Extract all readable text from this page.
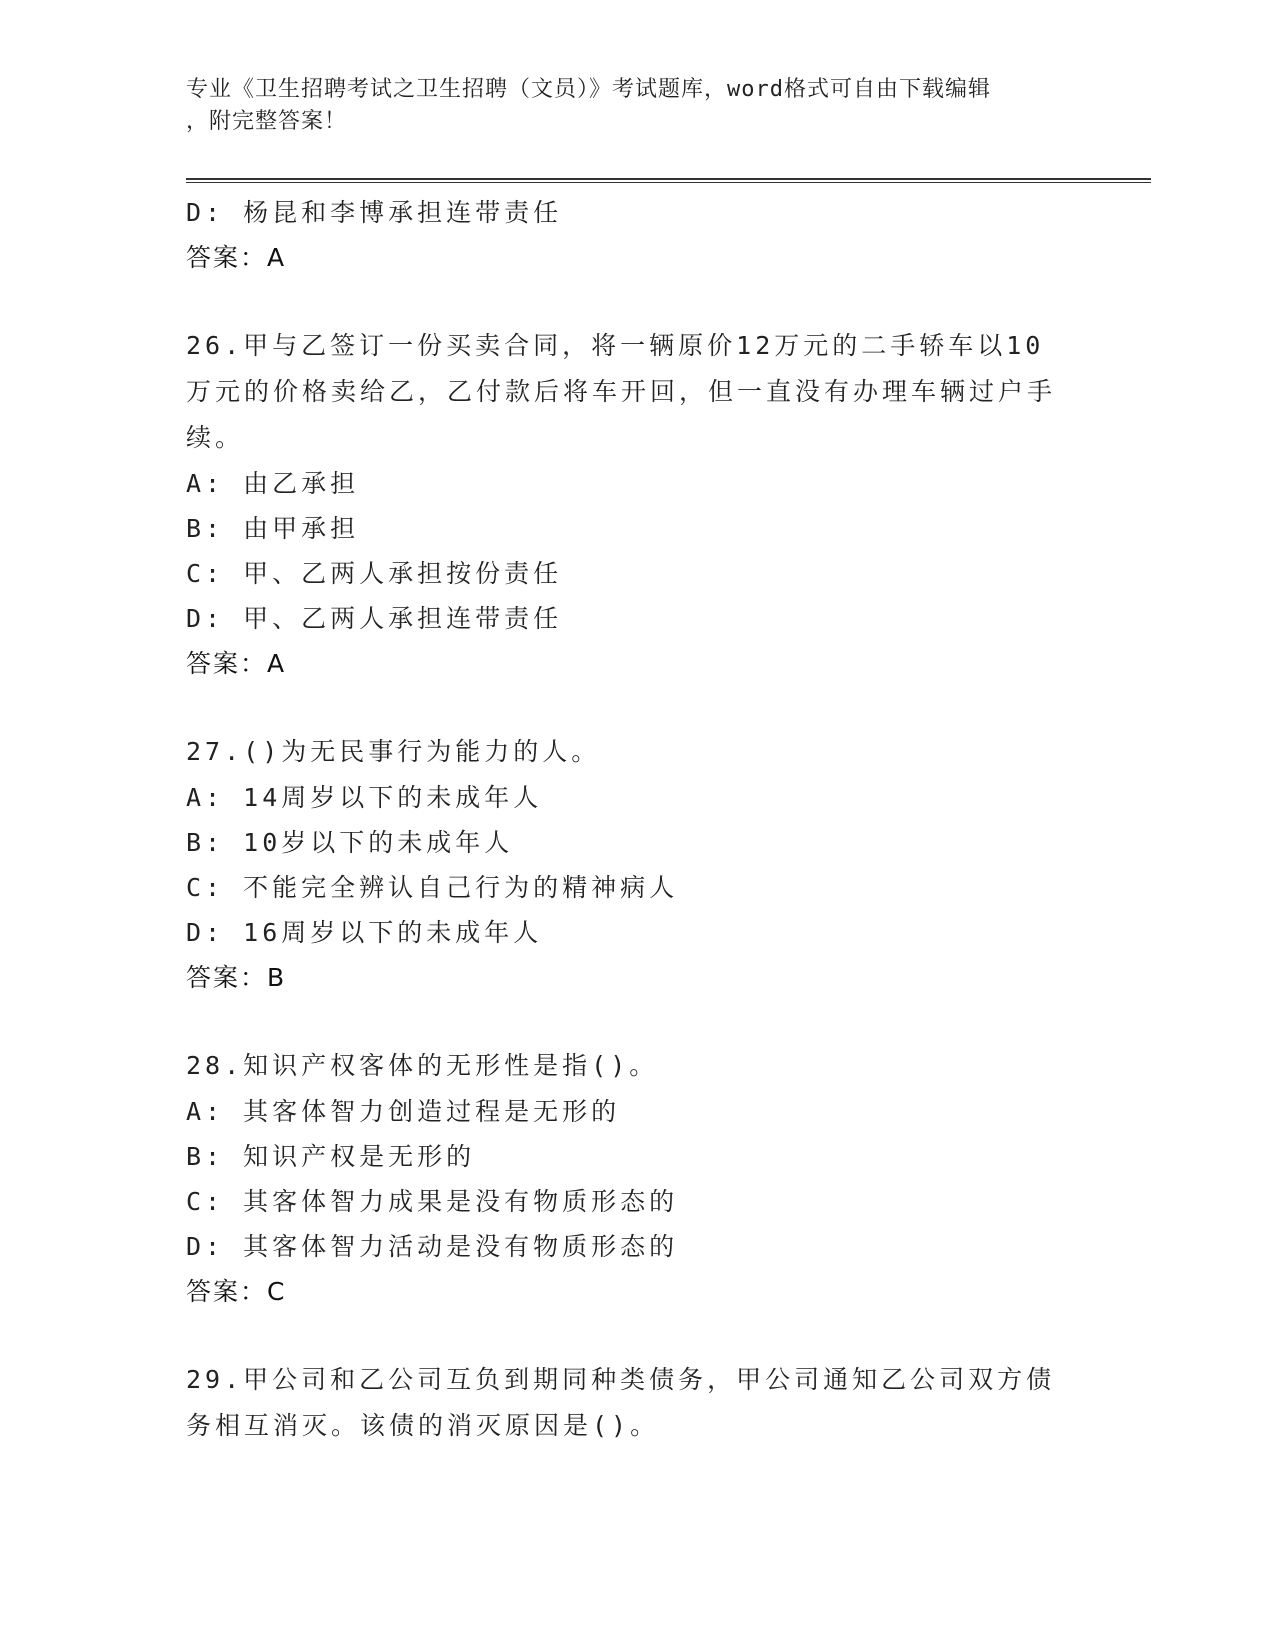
专业《卫生招聘考试之卫生招聘（文员）》考试题库，word格式可自由下载编辑
，附完整答案！
D: 杨昆和李博承担连带责任
答案：A
26.甲与乙签订一份买卖合同，将一辆原价12万元的二手轿车以10万元的价格卖给乙，乙付款后将车开回，但一直没有办理车辆过户手续。
A: 由乙承担
B: 由甲承担
C: 甲、乙两人承担按份责任
D: 甲、乙两人承担连带责任
答案：A
27.()为无民事行为能力的人。
A: 14周岁以下的未成年人
B: 10岁以下的未成年人
C: 不能完全辨认自己行为的精神病人
D: 16周岁以下的未成年人
答案：B
28.知识产权客体的无形性是指()。
A: 其客体智力创造过程是无形的
B: 知识产权是无形的
C: 其客体智力成果是没有物质形态的
D: 其客体智力活动是没有物质形态的
答案：C
29.甲公司和乙公司互负到期同种类债务，甲公司通知乙公司双方债务相互消灭。该债的消灭原因是()。
